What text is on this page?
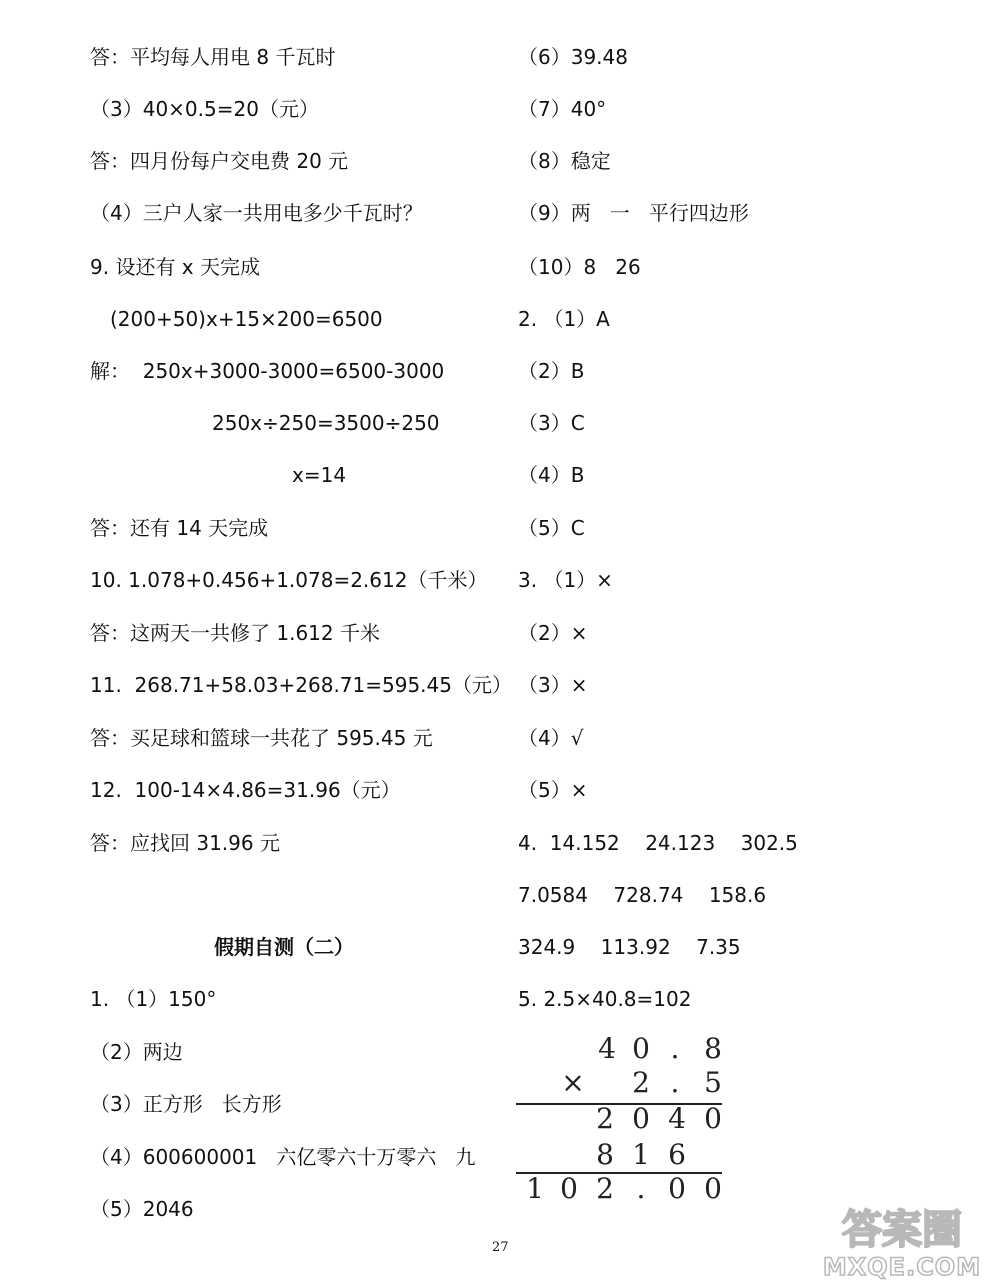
答：平均每人用电 8 千瓦时
（3）40×0.5=20（元）
答：四月份每户交电费 20 元
（4）三户人家一共用电多少千瓦时？
9. 设还有 x 天完成
(200+50)x+15×200=6500
解：  250x+3000-3000=6500-3000
250x÷250=3500÷250
x=14
答：还有 14 天完成
10. 1.078+0.456+1.078=2.612（千米）
答：这两天一共修了 1.612 千米
11.  268.71+58.03+268.71=595.45（元）
答：买足球和篮球一共花了 595.45 元
12.  100-14×4.86=31.96（元）
答：应找回 31.96 元
假期自测（二）
1. （1）150°
（2）两边
（3）正方形   长方形
（4）600600001   六亿零六十万零六   九
（5）2046
（6）39.48
（7）40°
（8）稳定
（9）两   一   平行四边形
（10）8   26
2. （1）A
（2）B
（3）C
（4）B
（5）C
3. （1）×
（2）×
（3）×
（4）√
（5）×
4.  14.152    24.123    302.5
7.0584    728.74    158.6
324.9    113.92    7.35
5. 2.5×40.8=102
4 0 . 8
× 2 . 5
2 0 4 0
8 1 6
1 0 2 . 0 0
27	答案圈
MXQE.COM
